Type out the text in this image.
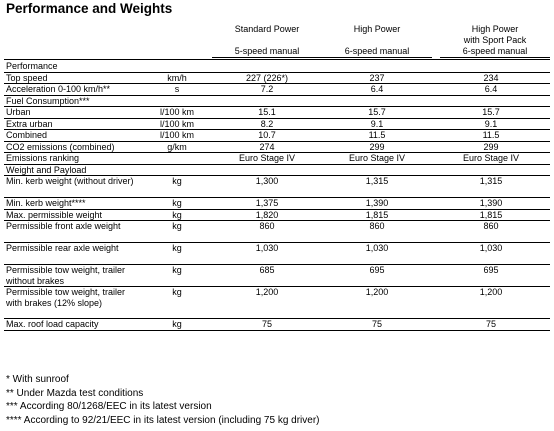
Performance and Weights
Standard Power	High Power	High Power
with Sport Pack
5-speed manual	6-speed manual	6-speed manual
Performance				
Top speed	km/h	227 (226*)	237	234
Acceleration 0-100 km/h**	s	7.2	6.4	6.4
Fuel Consumption***				
Urban	l/100 km	15.1	15.7	15.7
Extra urban	l/100 km	8.2	9.1	9.1
Combined	l/100 km	10.7	11.5	11.5
CO2 emissions (combined)	g/km	274	299	299
Emissions ranking		Euro Stage IV	Euro Stage IV	Euro Stage IV
Weight and Payload				
Min. kerb weight (without driver)	kg	1,300	1,315	1,315
Min. kerb weight****	kg	1,375	1,390	1,390
Max. permissible weight	kg	1,820	1,815	1,815
Permissible front axle weight	kg	860	860	860
Permissible rear axle weight	kg	1,030	1,030	1,030
Permissible tow weight, trailer without brakes	kg	685	695	695
Permissible tow weight, trailer with brakes (12% slope)	kg	1,200	1,200	1,200
Max. roof load capacity	kg	75	75	75
* With sunroof
** Under Mazda test conditions
*** According 80/1268/EEC in its latest version
**** According to 92/21/EEC in its latest version (including 75 kg driver)
